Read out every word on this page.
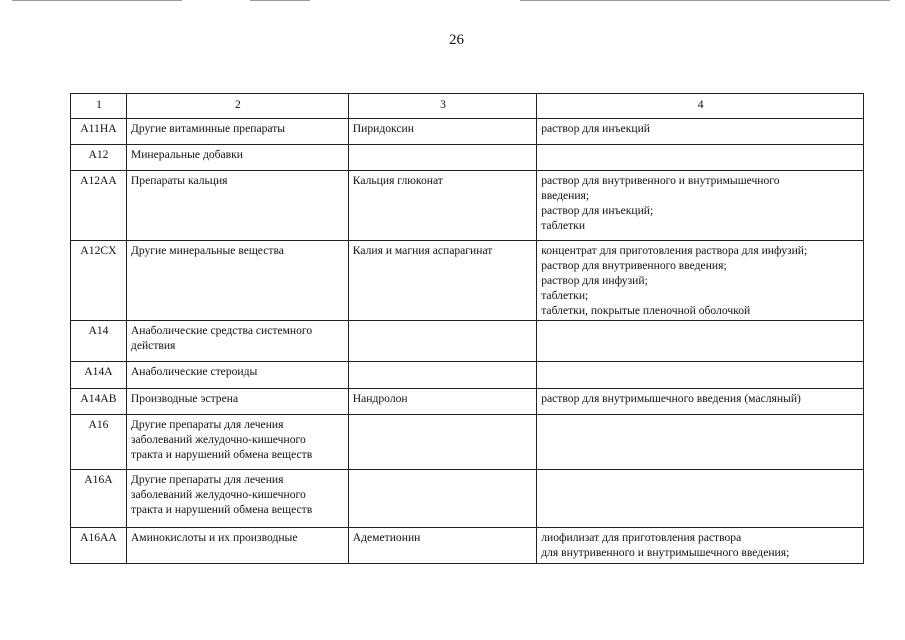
26
1	2	3	4
A11HA	Другие витаминные препараты	Пиридоксин	раствор для инъекций

A12	Минеральные добавки		

A12AA	Препараты кальция	Кальция глюконат	раствор для внутривенного и внутримышечного
введения;
раствор для инъекций;
таблетки

A12CX	Другие минеральные вещества	Калия и магния аспарагинат	концентрат для приготовления раствора для инфузий;
раствор для внутривенного введения;
раствор для инфузий;
таблетки;
таблетки, покрытые пленочной оболочкой

A14	Анаболические средства системного
действия		

A14A	Анаболические стероиды		

A14AB	Производные эстрена	Нандролон	раствор для внутримышечного введения (масляный)

A16	Другие препараты для лечения
заболеваний желудочно-кишечного
тракта и нарушений обмена веществ		

A16A	Другие препараты для лечения
заболеваний желудочно-кишечного
тракта и нарушений обмена веществ		

A16AA	Аминокислоты и их производные	Адеметионин	лиофилизат для приготовления раствора
для внутривенного и внутримышечного введения;
